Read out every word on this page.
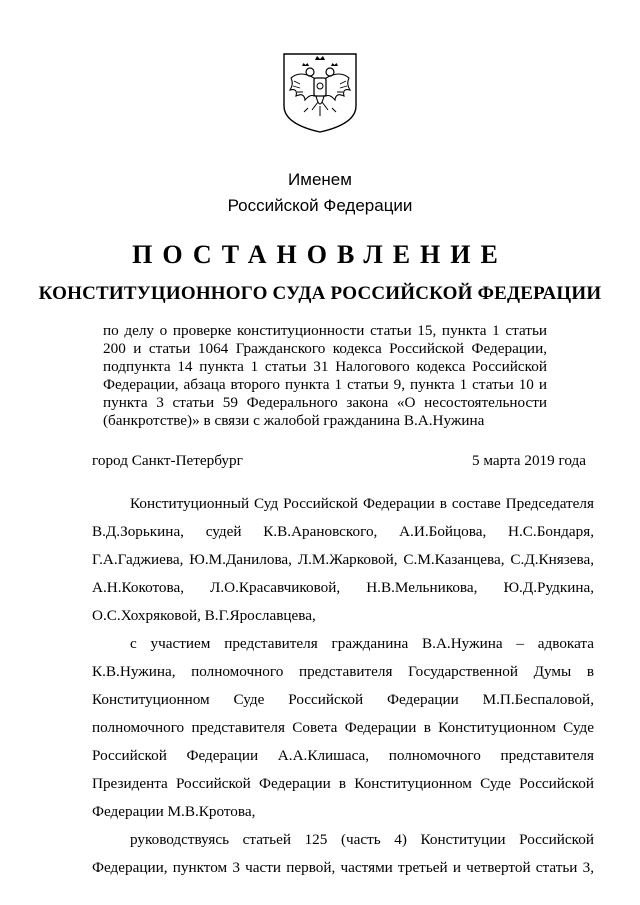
Именем
Российской Федерации
ПОСТАНОВЛЕНИЕ
КОНСТИТУЦИОННОГО СУДА РОССИЙСКОЙ ФЕДЕРАЦИИ
по делу о проверке конституционности статьи 15, пункта 1 статьи
200 и статьи 1064 Гражданского кодекса Российской Федерации,
подпункта 14 пункта 1 статьи 31 Налогового кодекса Российской
Федерации, абзаца второго пункта 1 статьи 9, пункта 1 статьи 10 и
пункта 3 статьи 59 Федерального закона «О несостоятельности
(банкротстве)» в связи с жалобой гражданина В.А.Нужина
город Санкт-Петербург	5 марта 2019 года
Конституционный Суд Российской Федерации в составе Председателя
В.Д.Зорькина, судей К.В.Арановского, А.И.Бойцова, Н.С.Бондаря,
Г.А.Гаджиева, Ю.М.Данилова, Л.М.Жарковой, С.М.Казанцева, С.Д.Князева,
А.Н.Кокотова, Л.О.Красавчиковой, Н.В.Мельникова, Ю.Д.Рудкина,
О.С.Хохряковой, В.Г.Ярославцева,
с участием представителя гражданина В.А.Нужина – адвоката
К.В.Нужина, полномочного представителя Государственной Думы в
Конституционном Суде Российской Федерации М.П.Беспаловой,
полномочного представителя Совета Федерации в Конституционном Суде
Российской Федерации А.А.Клишаса, полномочного представителя
Президента Российской Федерации в Конституционном Суде Российской
Федерации М.В.Кротова,
руководствуясь статьей 125 (часть 4) Конституции Российской
Федерации, пунктом 3 части первой, частями третьей и четвертой статьи 3,
